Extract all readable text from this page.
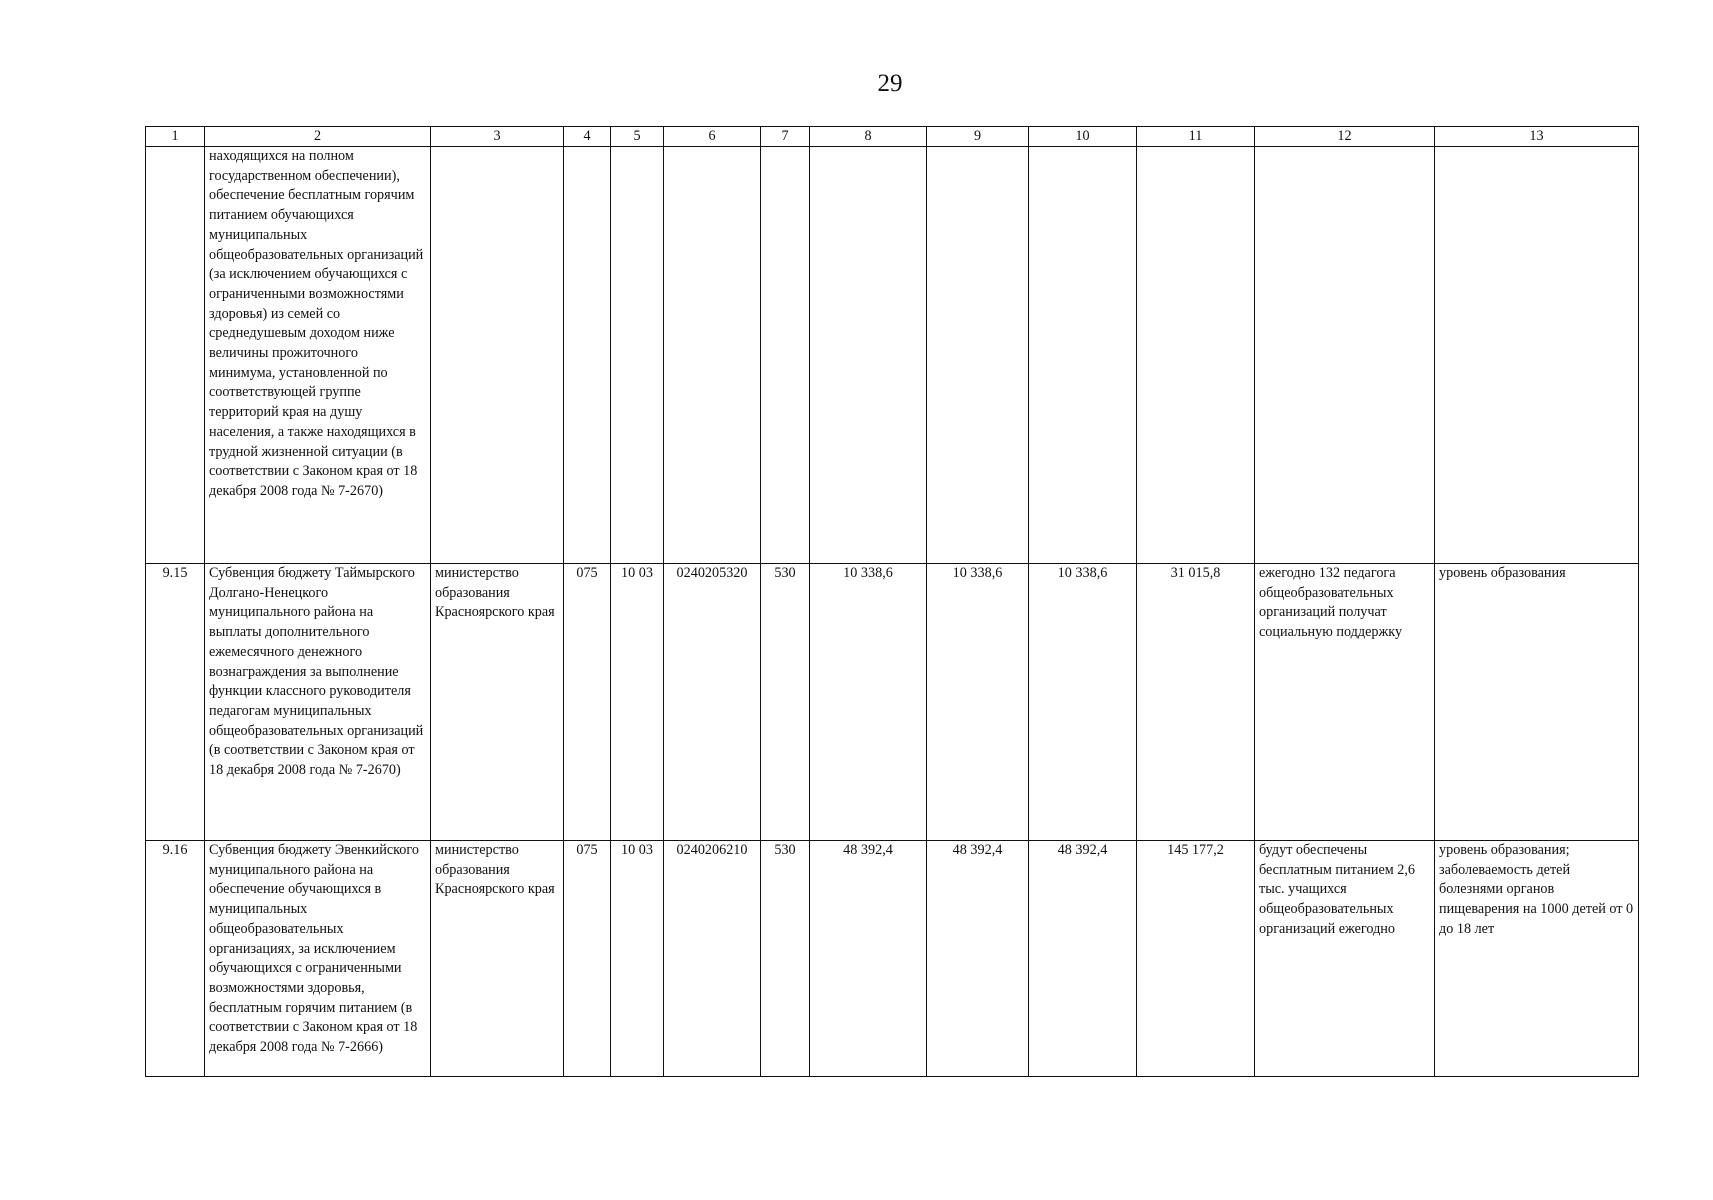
29
1	2	3	4	5	6	7	8	9	10	11	12	13
	находящихся на полном государственном обеспечении), обеспечение бесплатным горячим питанием обучающихся муниципальных общеобразовательных организаций (за исключением обучающихся с ограниченными возможностями здоровья) из семей со среднедушевым доходом ниже величины прожиточного минимума, установленной по соответствующей группе территорий края на душу населения, а также находящихся в трудной жизненной ситуации (в соответствии с Законом края от 18 декабря 2008 года № 7-2670)											
9.15	Субвенция бюджету Таймырского Долгано-Ненецкого муниципального района на выплаты дополнительного ежемесячного денежного вознаграждения за выполнение функции классного руководителя педагогам муниципальных общеобразовательных организаций (в соответствии с Законом края от 18 декабря 2008 года № 7-2670)	министерство образования Красноярского края	075	10 03	0240205320	530	10 338,6	10 338,6	10 338,6	31 015,8	ежегодно 132 педагога общеобразовательных организаций получат социальную поддержку	уровень образования
9.16	Субвенция бюджету Эвенкийского муниципального района на обеспечение обучающихся в муниципальных общеобразовательных организациях, за исключением обучающихся с ограниченными возможностями здоровья, бесплатным горячим питанием (в соответствии с Законом края от 18 декабря 2008 года № 7-2666)	министерство образования Красноярского края	075	10 03	0240206210	530	48 392,4	48 392,4	48 392,4	145 177,2	будут обеспечены бесплатным питанием 2,6 тыс. учащихся общеобразовательных организаций ежегодно	уровень образования; заболеваемость детей болезнями органов пищеварения на 1000 детей от 0 до 18 лет
